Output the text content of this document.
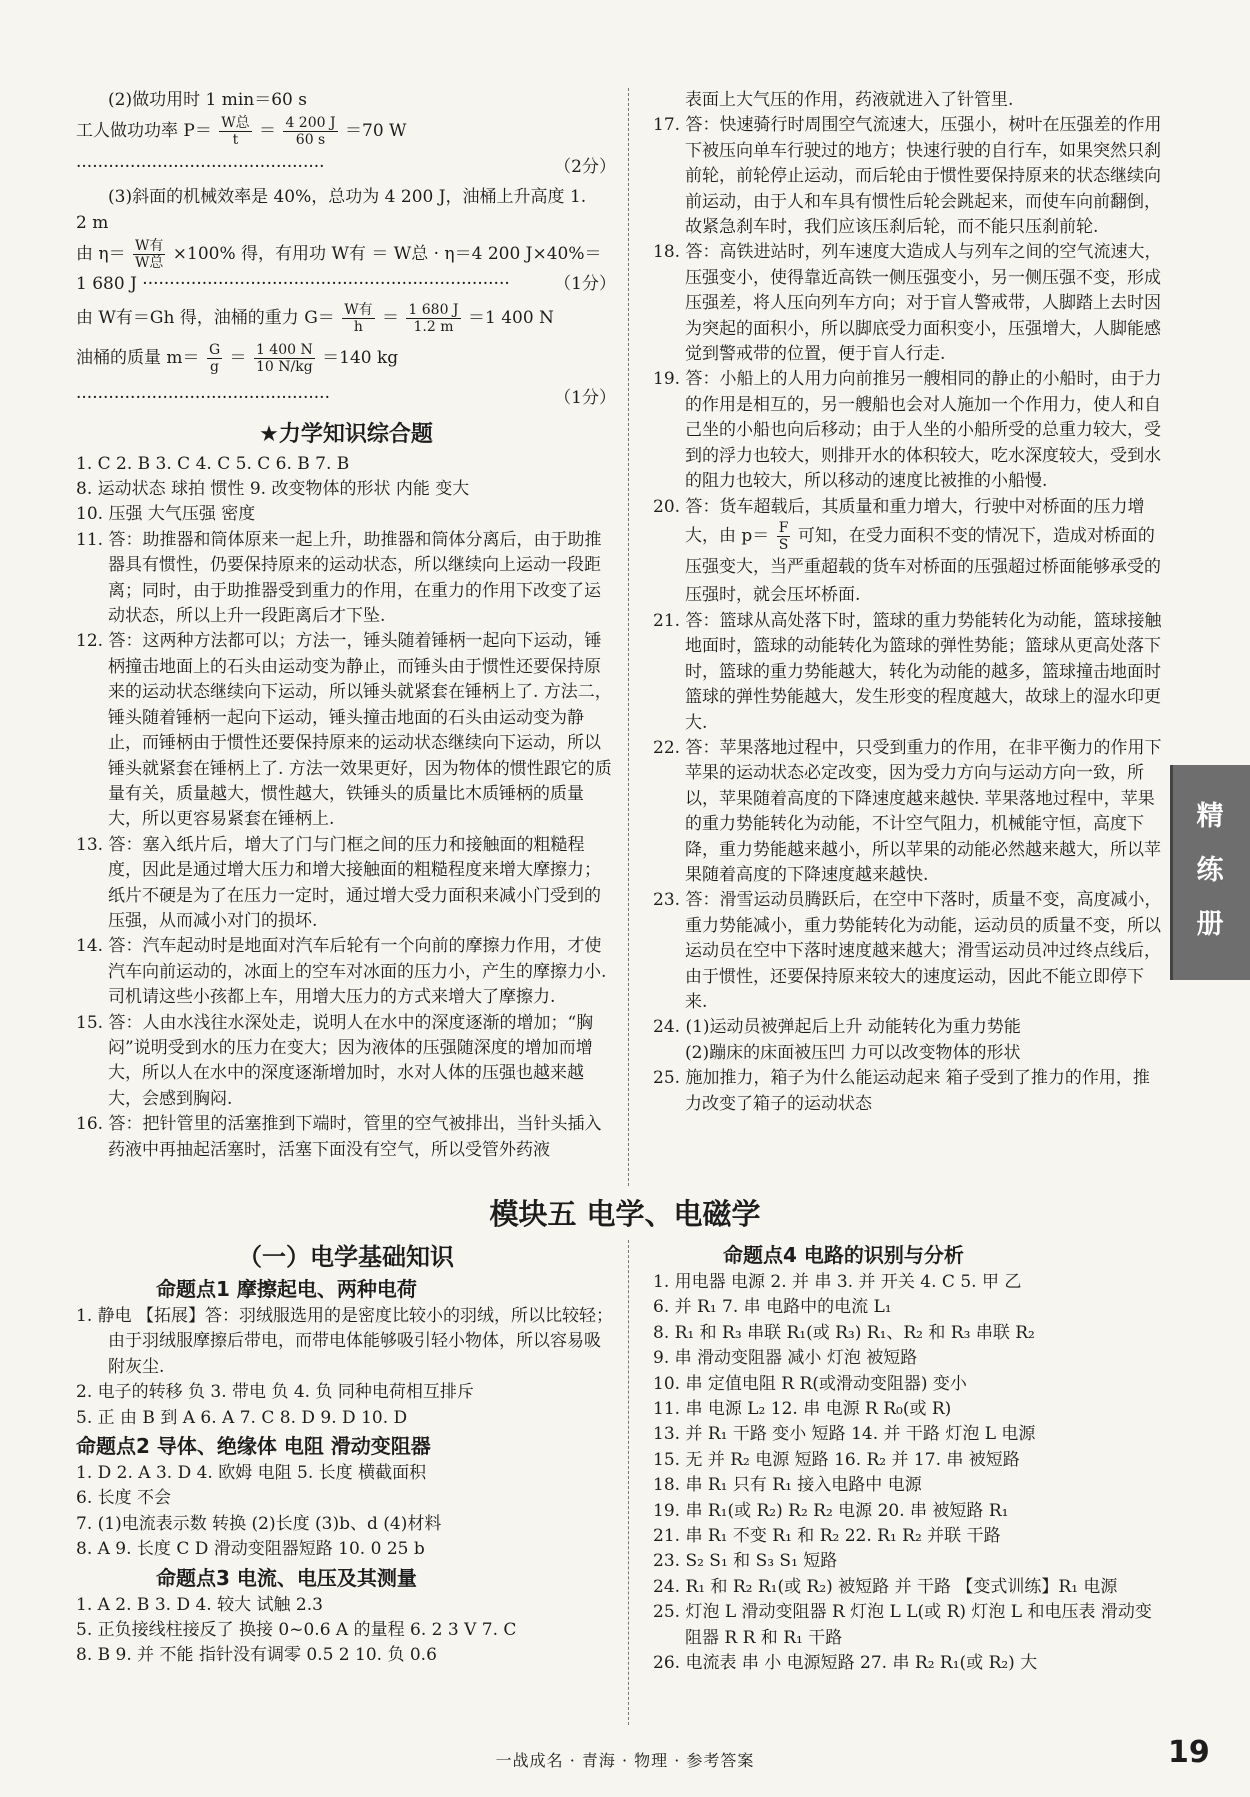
(2)做功用时 1 min＝60 s

工人做功功率 $P= \frac{\text{W总}}{t} = \frac{4 200 J}{60 s} =70$ W ··············································	（2分）

(3)斜面的机械效率是 40%，总功为 4 200 J，油桶上升高度 1.

2 m

由 $\eta= \frac{\text{W有}}{\text{W总}} \times 100\%$ 得，有用功 W有 ＝ W总 · η＝4 200 J×40%＝

1 680 J ····································································	（1分）

由 W有＝Gh 得，油桶的重力 $G= \frac{\text{W有}}{h} = \frac{1 680 J}{1.2 m} =1$ 400 N

油桶的质量 $m= \frac{G}{g} = \frac{1 400 N}{10 N/kg} =140$ kg ···············································	（1分）

★力学知识综合题

1. C 2. B 3. C 4. C 5. C 6. B 7. B

8. 运动状态 球拍 惯性 9. 改变物体的形状 内能 变大

10. 压强 大气压强 密度

11. 答：助推器和筒体原来一起上升，助推器和筒体分离后，由于助推器具有惯性，仍要保持原来的运动状态，所以继续向上运动一段距离；同时，由于助推器受到重力的作用，在重力的作用下改变了运动状态，所以上升一段距离后才下坠.

12. 答：这两种方法都可以；方法一，锤头随着锤柄一起向下运动，锤柄撞击地面上的石头由运动变为静止，而锤头由于惯性还要保持原来的运动状态继续向下运动，所以锤头就紧套在锤柄上了. 方法二，锤头随着锤柄一起向下运动，锤头撞击地面的石头由运动变为静止，而锤柄由于惯性还要保持原来的运动状态继续向下运动，所以锤头就紧套在锤柄上了. 方法一效果更好，因为物体的惯性跟它的质量有关，质量越大，惯性越大，铁锤头的质量比木质锤柄的质量大，所以更容易紧套在锤柄上.

13. 答：塞入纸片后，增大了门与门框之间的压力和接触面的粗糙程度，因此是通过增大压力和增大接触面的粗糙程度来增大摩擦力；纸片不硬是为了在压力一定时，通过增大受力面积来减小门受到的压强，从而减小对门的损坏.

14. 答：汽车起动时是地面对汽车后轮有一个向前的摩擦力作用，才使汽车向前运动的，冰面上的空车对冰面的压力小，产生的摩擦力小. 司机请这些小孩都上车，用增大压力的方式来增大了摩擦力.

15. 答：人由水浅往水深处走，说明人在水中的深度逐渐的增加；“胸闷”说明受到水的压力在变大；因为液体的压强随深度的增加而增大，所以人在水中的深度逐渐增加时，水对人体的压强也越来越大，会感到胸闷.

16. 答：把针管里的活塞推到下端时，管里的空气被排出，当针头插入药液中再抽起活塞时，活塞下面没有空气，所以受管外药液

表面上大气压的作用，药液就进入了针管里.

17. 答：快速骑行时周围空气流速大，压强小，树叶在压强差的作用下被压向单车行驶过的地方；快速行驶的自行车，如果突然只刹前轮，前轮停止运动，而后轮由于惯性要保持原来的状态继续向前运动，由于人和车具有惯性后轮会跳起来，而使车向前翻倒，故紧急刹车时，我们应该压刹后轮，而不能只压刹前轮.

18. 答：高铁进站时，列车速度大造成人与列车之间的空气流速大，压强变小，使得靠近高铁一侧压强变小，另一侧压强不变，形成压强差，将人压向列车方向；对于盲人警戒带，人脚踏上去时因为突起的面积小，所以脚底受力面积变小，压强增大，人脚能感觉到警戒带的位置，便于盲人行走.

19. 答：小船上的人用力向前推另一艘相同的静止的小船时，由于力的作用是相互的，另一艘船也会对人施加一个作用力，使人和自己坐的小船也向后移动；由于人坐的小船所受的总重力较大，受到的浮力也较大，则排开水的体积较大，吃水深度较大，受到水的阻力也较大，所以移动的速度比被推的小船慢.

20. 答：货车超载后，其质量和重力增大，行驶中对桥面的压力增

大，由 $p= \frac{F}{S}$ 可知，在受力面积不变的情况下，造成对桥面的压强变大，当严重超载的货车对桥面的压强超过桥面能够承受的压强时，就会压坏桥面.

21. 答：篮球从高处落下时，篮球的重力势能转化为动能，篮球接触地面时，篮球的动能转化为篮球的弹性势能；篮球从更高处落下时，篮球的重力势能越大，转化为动能的越多，篮球撞击地面时篮球的弹性势能越大，发生形变的程度越大，故球上的湿水印更大.

22. 答：苹果落地过程中，只受到重力的作用，在非平衡力的作用下苹果的运动状态必定改变，因为受力方向与运动方向一致，所以，苹果随着高度的下降速度越来越快. 苹果落地过程中，苹果的重力势能转化为动能，不计空气阻力，机械能守恒，高度下降，重力势能越来越小，所以苹果的动能必然越来越大，所以苹果随着高度的下降速度越来越快.

23. 答：滑雪运动员腾跃后，在空中下落时，质量不变，高度减小，重力势能减小，重力势能转化为动能，运动员的质量不变，所以运动员在空中下落时速度越来越大；滑雪运动员冲过终点线后，由于惯性，还要保持原来较大的速度运动，因此不能立即停下来.

24. (1)运动员被弹起后上升 动能转化为重力势能

(2)蹦床的床面被压凹 力可以改变物体的形状

25. 施加推力，箱子为什么能运动起来 箱子受到了推力的作用，推力改变了箱子的运动状态

模块五 电学、电磁学

（一）电学基础知识

命题点1 摩擦起电、两种电荷

1. 静电 【拓展】答：羽绒服选用的是密度比较小的羽绒，所以比较轻；由于羽绒服摩擦后带电，而带电体能够吸引轻小物体，所以容易吸附灰尘.

2. 电子的转移 负 3. 带电 负 4. 负 同种电荷相互排斥

5. 正 由 B 到 A 6. A 7. C 8. D 9. D 10. D

命题点2 导体、绝缘体 电阻 滑动变阻器

1. D 2. A 3. D 4. 欧姆 电阻 5. 长度 横截面积

6. 长度 不会

7. (1)电流表示数 转换 (2)长度 (3)b、d (4)材料

8. A 9. 长度 C D 滑动变阻器短路 10. 0 25 b

命题点3 电流、电压及其测量

1. A 2. B 3. D 4. 较大 试触 2.3

5. 正负接线柱接反了 换接 0~0.6 A 的量程 6. 2 3 V 7. C

8. B 9. 并 不能 指针没有调零 0.5 2 10. 负 0.6

命题点4 电路的识别与分析

1. 用电器 电源 2. 并 串 3. 并 开关 4. C 5. 甲 乙

6. 并 R₁ 7. 串 电路中的电流 L₁

8. R₁ 和 R₃ 串联 R₁(或 R₃) R₁、R₂ 和 R₃ 串联 R₂

9. 串 滑动变阻器 减小 灯泡 被短路

10. 串 定值电阻 R R(或滑动变阻器) 变小

11. 串 电源 L₂ 12. 串 电源 R R₀(或 R)

13. 并 R₁ 干路 变小 短路 14. 并 干路 灯泡 L 电源

15. 无 并 R₂ 电源 短路 16. R₂ 并 17. 串 被短路

18. 串 R₁ 只有 R₁ 接入电路中 电源

19. 串 R₁(或 R₂) R₂ R₂ 电源 20. 串 被短路 R₁

21. 串 R₁ 不变 R₁ 和 R₂ 22. R₁ R₂ 并联 干路

23. S₂ S₁ 和 S₃ S₁ 短路

24. R₁ 和 R₂ R₁(或 R₂) 被短路 并 干路 【变式训练】R₁ 电源

25. 灯泡 L 滑动变阻器 R 灯泡 L L(或 R) 灯泡 L 和电压表 滑动变阻器 R R 和 R₁ 干路

26. 电流表 串 小 电源短路 27. 串 R₂ R₁(或 R₂) 大

精
练
册
一战成名 · 青海 · 物理 · 参考答案	19
